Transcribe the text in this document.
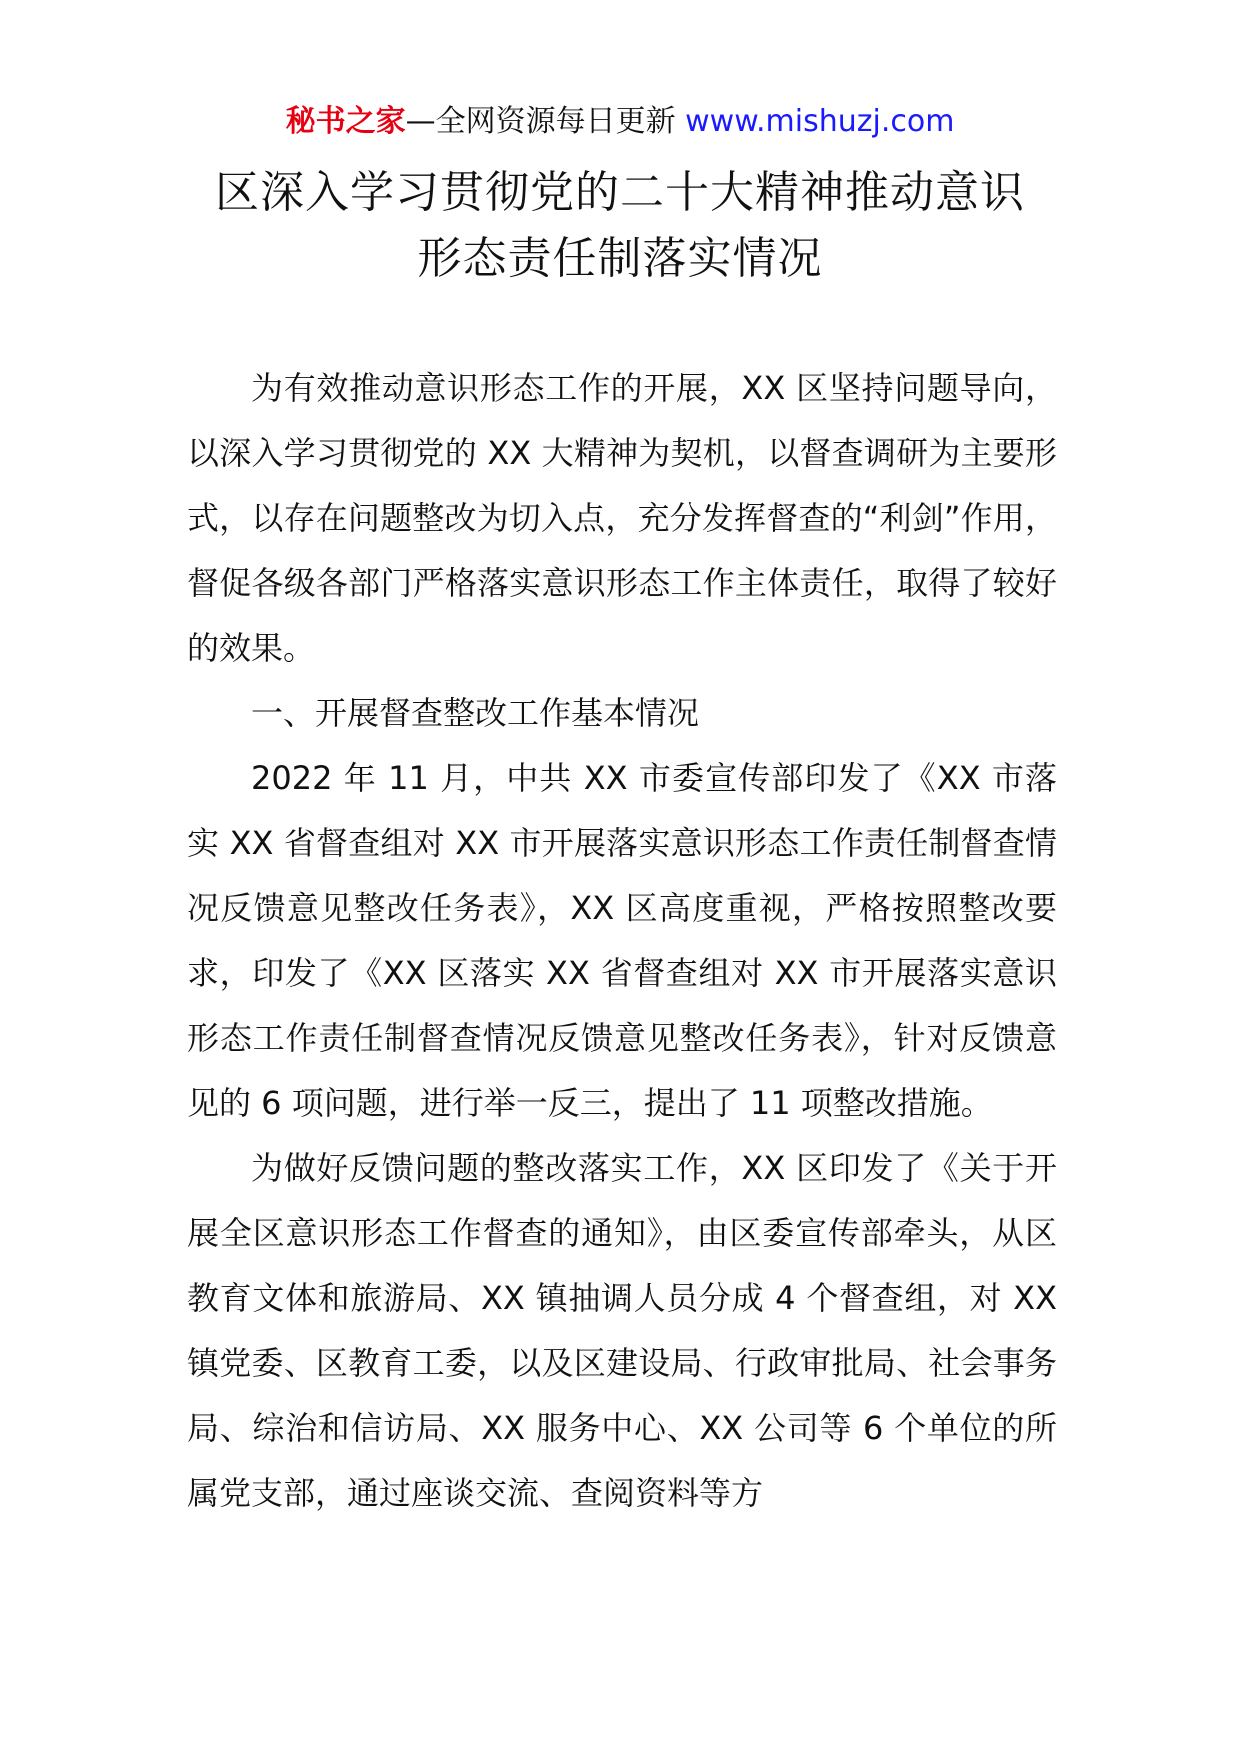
秘书之家—全网资源每日更新 www.mishuzj.com
区深入学习贯彻党的二十大精神推动意识
形态责任制落实情况

为有效推动意识形态工作的开展，XX 区坚持问题导向，以深入学习贯彻党的 XX 大精神为契机，以督查调研为主要形式，以存在问题整改为切入点，充分发挥督查的“利剑”作用，督促各级各部门严格落实意识形态工作主体责任，取得了较好的效果。

一、开展督查整改工作基本情况

2022 年 11 月，中共 XX 市委宣传部印发了《XX 市落实 XX 省督查组对 XX 市开展落实意识形态工作责任制督查情况反馈意见整改任务表》，XX 区高度重视，严格按照整改要求，印发了《XX 区落实 XX 省督查组对 XX 市开展落实意识形态工作责任制督查情况反馈意见整改任务表》，针对反馈意见的 6 项问题，进行举一反三，提出了 11 项整改措施。

为做好反馈问题的整改落实工作，XX 区印发了《关于开展全区意识形态工作督查的通知》，由区委宣传部牵头，从区教育文体和旅游局、XX 镇抽调人员分成 4 个督查组，对 XX 镇党委、区教育工委，以及区建设局、行政审批局、社会事务局、综治和信访局、XX 服务中心、XX 公司等 6 个单位的所属党支部，通过座谈交流、查阅资料等方
